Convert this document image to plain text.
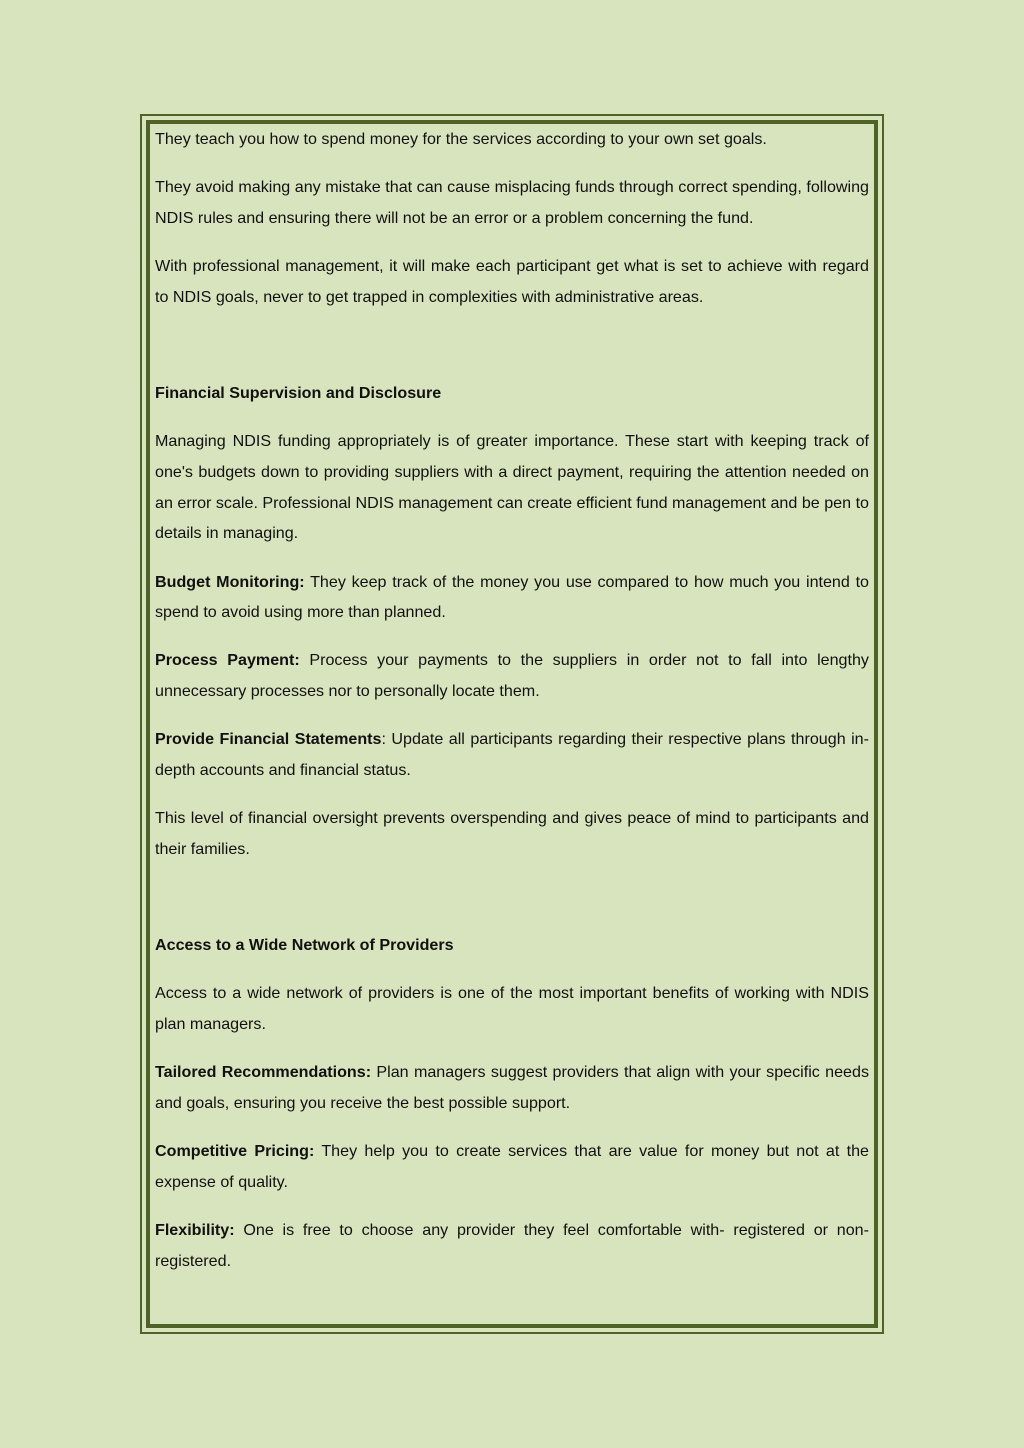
They teach you how to spend money for the services according to your own set goals.

They avoid making any mistake that can cause misplacing funds through correct spending, following NDIS rules and ensuring there will not be an error or a problem concerning the fund.

With professional management, it will make each participant get what is set to achieve with regard to NDIS goals, never to get trapped in complexities with administrative areas.

Financial Supervision and Disclosure

Managing NDIS funding appropriately is of greater importance. These start with keeping track of one's budgets down to providing suppliers with a direct payment, requiring the attention needed on an error scale. Professional NDIS management can create efficient fund management and be pen to details in managing.

Budget Monitoring: They keep track of the money you use compared to how much you intend to spend to avoid using more than planned.

Process Payment: Process your payments to the suppliers in order not to fall into lengthy unnecessary processes nor to personally locate them.

Provide Financial Statements: Update all participants regarding their respective plans through in-depth accounts and financial status.

This level of financial oversight prevents overspending and gives peace of mind to participants and their families.

Access to a Wide Network of Providers

Access to a wide network of providers is one of the most important benefits of working with NDIS plan managers.

Tailored Recommendations: Plan managers suggest providers that align with your specific needs and goals, ensuring you receive the best possible support.

Competitive Pricing: They help you to create services that are value for money but not at the expense of quality.

Flexibility: One is free to choose any provider they feel comfortable with- registered or non-registered.
